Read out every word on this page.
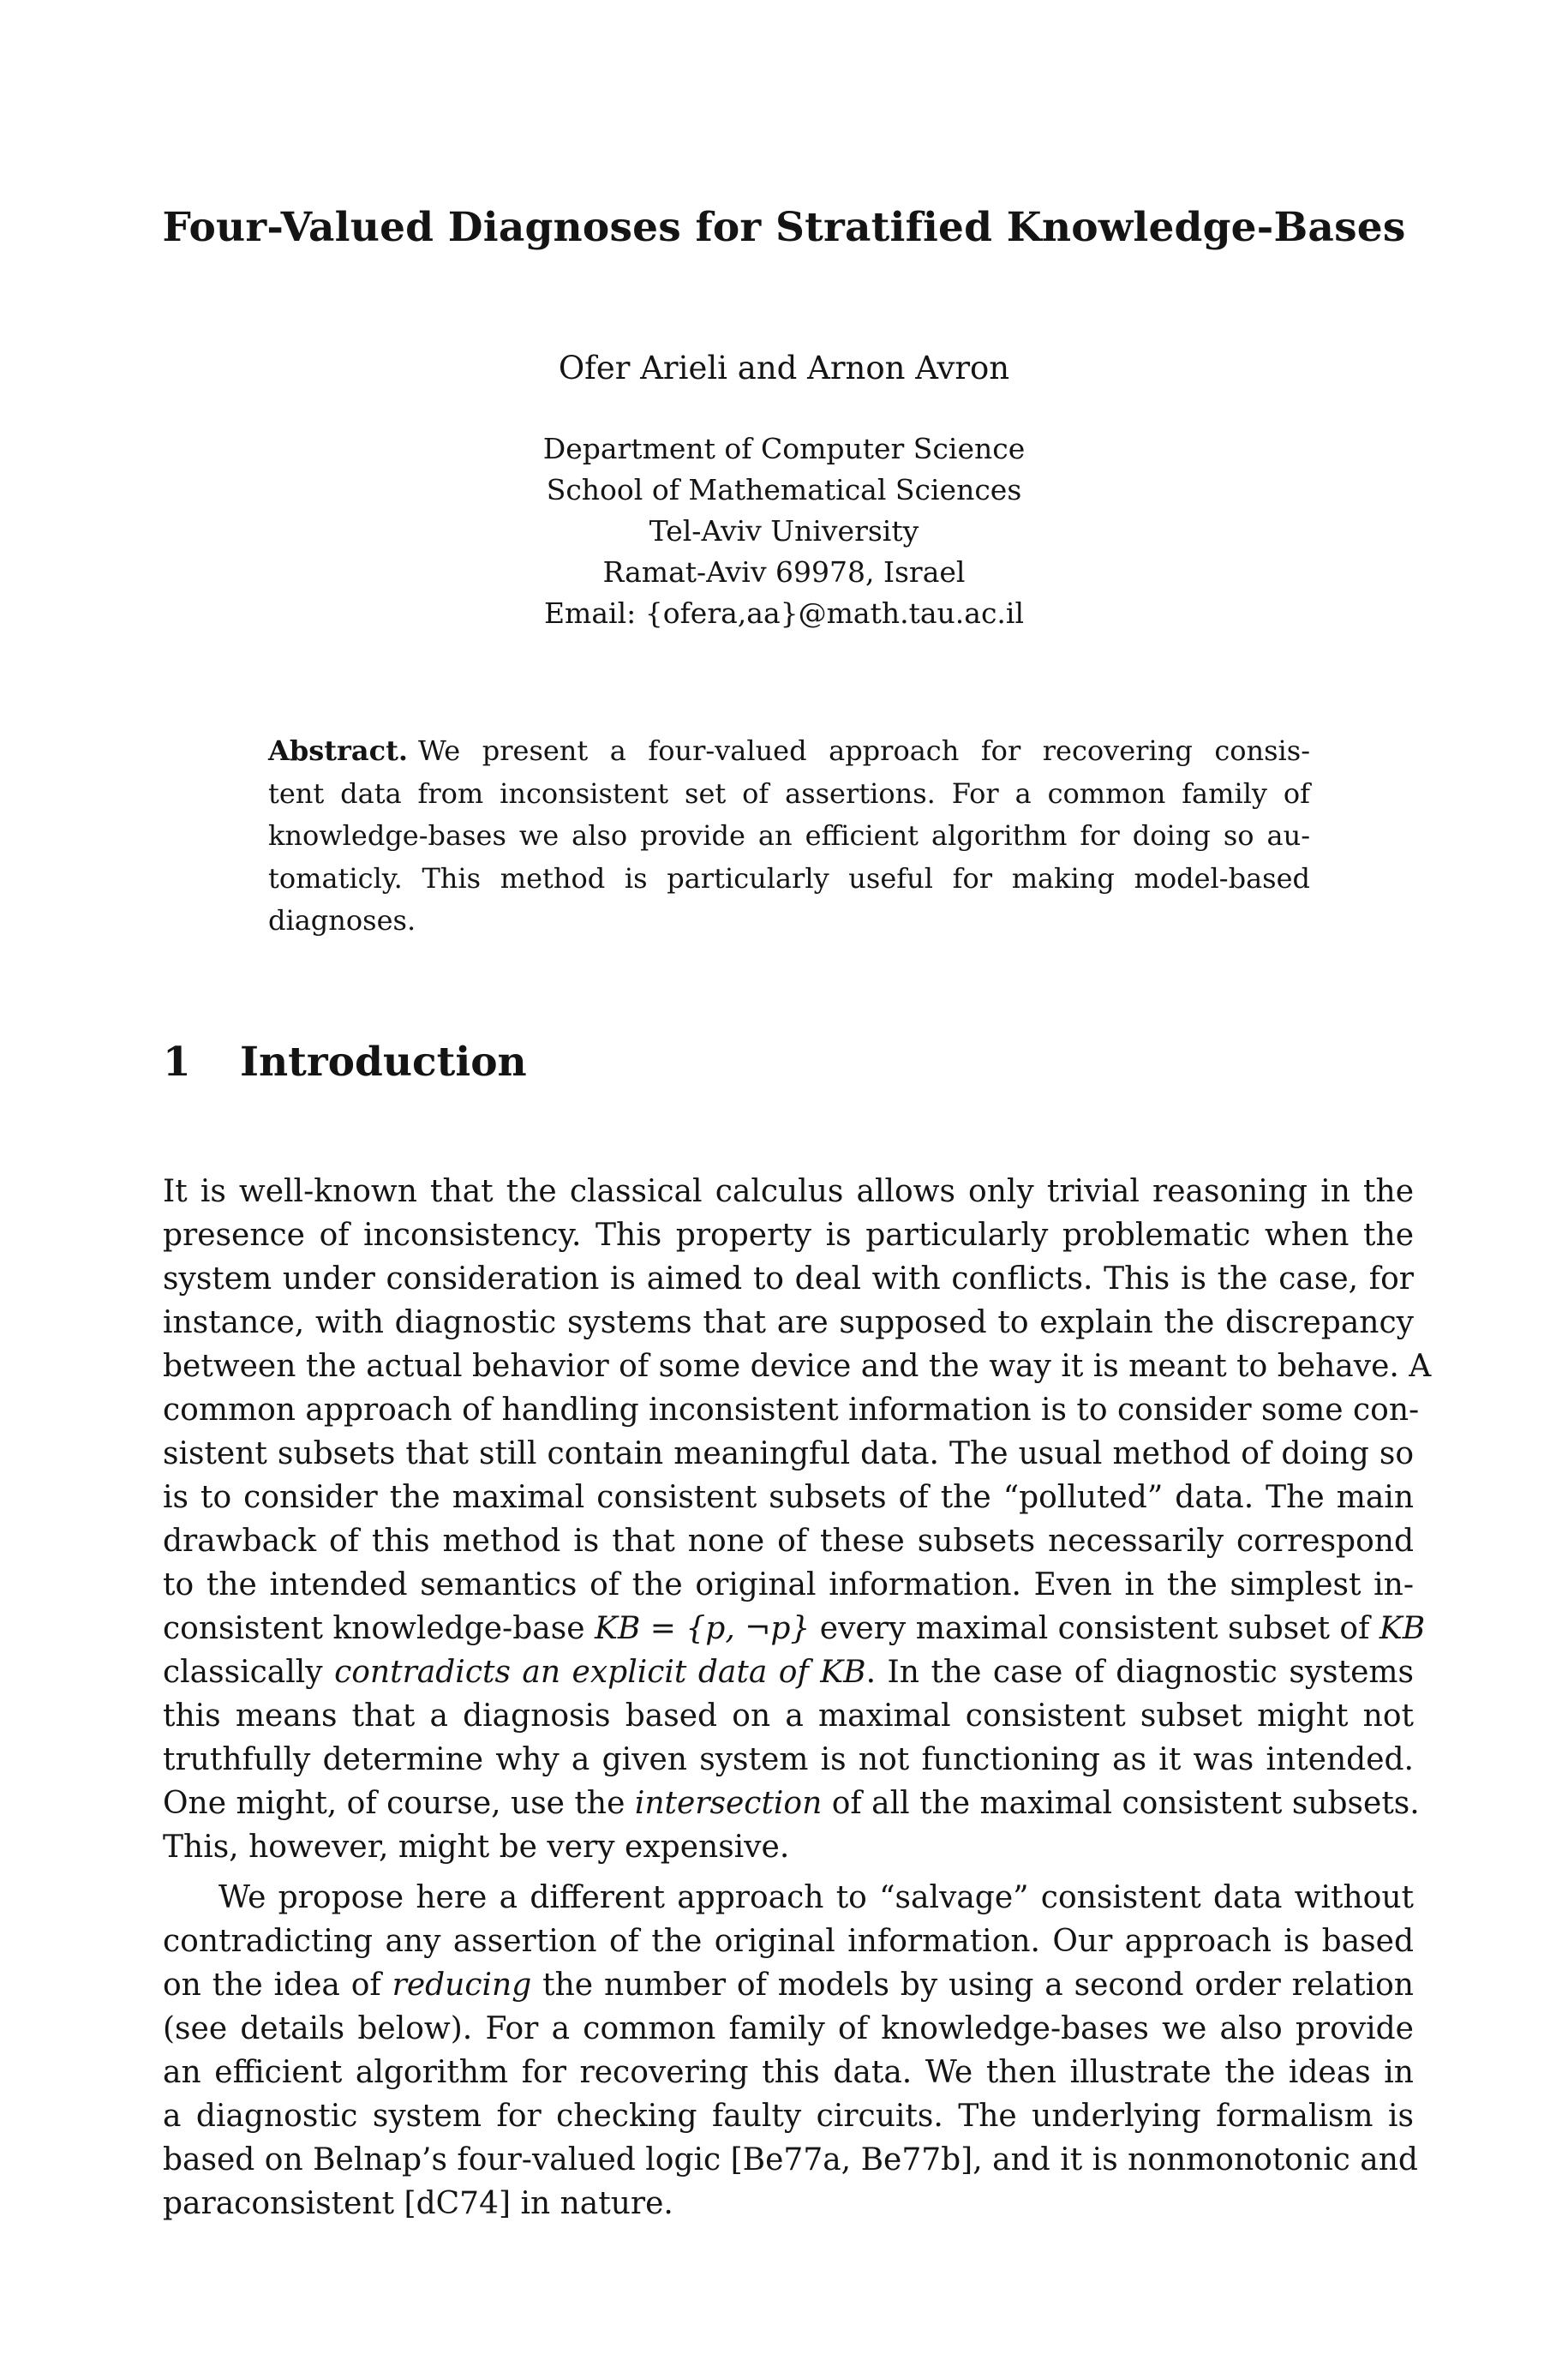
Four-Valued Diagnoses for Stratified Knowledge-Bases
Ofer Arieli and Arnon Avron
Department of Computer Science
School of Mathematical Sciences
Tel-Aviv University
Ramat-Aviv 69978, Israel
Email: {ofera,aa}@math.tau.ac.il
Abstract. We present a four-valued approach for recovering consis-
tent data from inconsistent set of assertions. For a common family of
knowledge-bases we also provide an efficient algorithm for doing so au-
tomaticly. This method is particularly useful for making model-based
diagnoses.
1 Introduction
It is well-known that the classical calculus allows only trivial reasoning in the
presence of inconsistency. This property is particularly problematic when the
system under consideration is aimed to deal with conflicts. This is the case, for
instance, with diagnostic systems that are supposed to explain the discrepancy
between the actual behavior of some device and the way it is meant to behave. A
common approach of handling inconsistent information is to consider some con-
sistent subsets that still contain meaningful data. The usual method of doing so
is to consider the maximal consistent subsets of the “polluted” data. The main
drawback of this method is that none of these subsets necessarily correspond
to the intended semantics of the original information. Even in the simplest in-
consistent knowledge-base KB = {p, ¬p} every maximal consistent subset of KB
classically contradicts an explicit data of KB. In the case of diagnostic systems
this means that a diagnosis based on a maximal consistent subset might not
truthfully determine why a given system is not functioning as it was intended.
One might, of course, use the intersection of all the maximal consistent subsets.
This, however, might be very expensive.
We propose here a different approach to “salvage” consistent data without
contradicting any assertion of the original information. Our approach is based
on the idea of reducing the number of models by using a second order relation
(see details below). For a common family of knowledge-bases we also provide
an efficient algorithm for recovering this data. We then illustrate the ideas in
a diagnostic system for checking faulty circuits. The underlying formalism is
based on Belnap’s four-valued logic [Be77a, Be77b], and it is nonmonotonic and
paraconsistent [dC74] in nature.
